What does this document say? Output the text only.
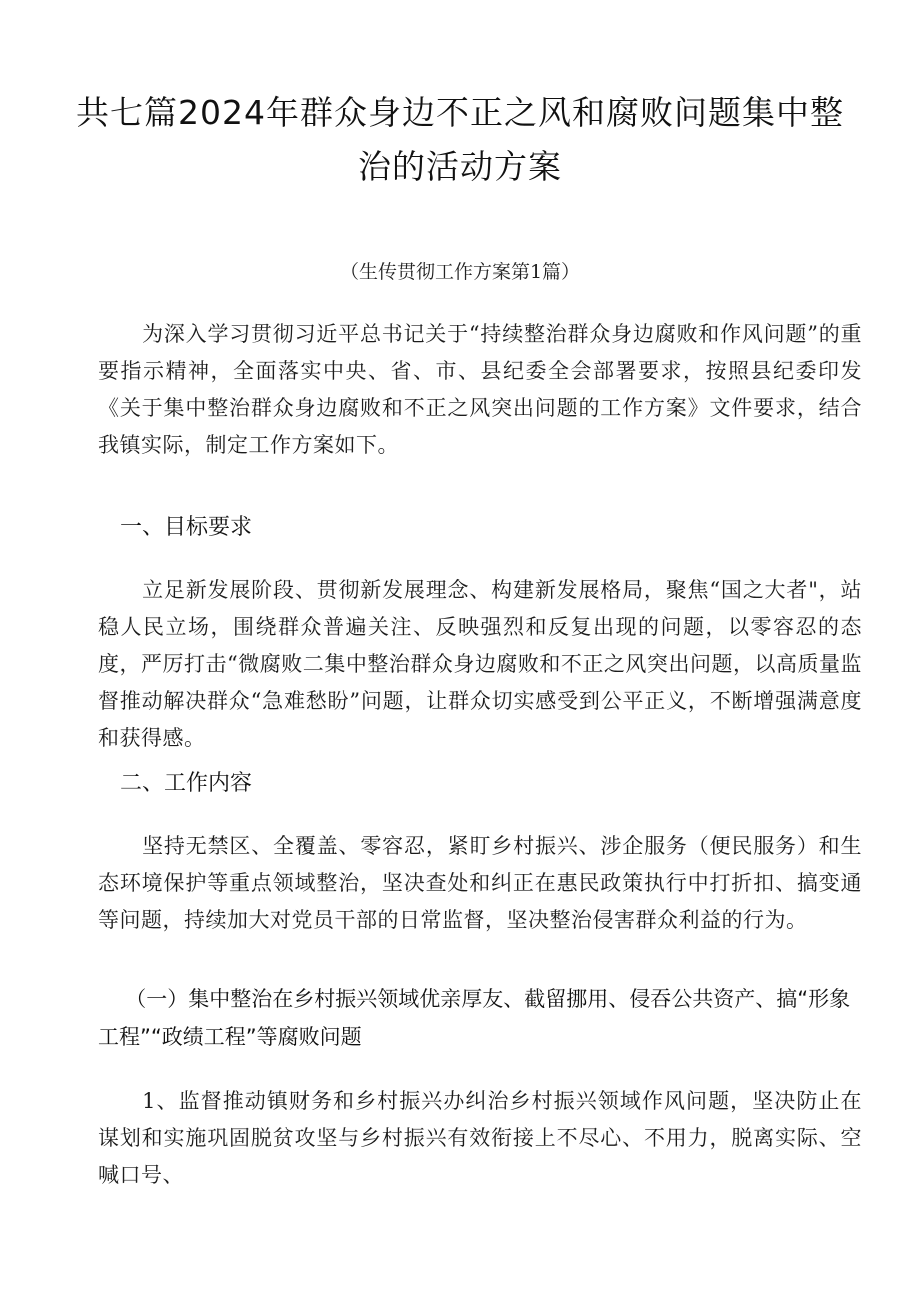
共七篇2024年群众身边不正之风和腐败问题集中整治的活动方案

（生传贯彻工作方案第1篇）

为深入学习贯彻习近平总书记关于“持续整治群众身边腐败和作风问题”的重要指示精神，全面落实中央、省、市、县纪委全会部署要求，按照县纪委印发《关于集中整治群众身边腐败和不正之风突出问题的工作方案》文件要求，结合我镇实际，制定工作方案如下。

一、目标要求

立足新发展阶段、贯彻新发展理念、构建新发展格局，聚焦“国之大者"，站稳人民立场，围绕群众普遍关注、反映强烈和反复出现的问题，以零容忍的态度，严厉打击“微腐败二集中整治群众身边腐败和不正之风突出问题，以高质量监督推动解决群众“急难愁盼”问题，让群众切实感受到公平正义，不断增强满意度和获得感。

二、工作内容

坚持无禁区、全覆盖、零容忍，紧盯乡村振兴、涉企服务（便民服务）和生态环境保护等重点领域整治，坚决查处和纠正在惠民政策执行中打折扣、搞变通等问题，持续加大对党员干部的日常监督，坚决整治侵害群众利益的行为。

（一）集中整治在乡村振兴领域优亲厚友、截留挪用、侵吞公共资产、搞“形象工程”“政绩工程”等腐败问题

1、监督推动镇财务和乡村振兴办纠治乡村振兴领域作风问题，坚决防止在谋划和实施巩固脱贫攻坚与乡村振兴有效衔接上不尽心、不用力，脱离实际、空喊口号、
